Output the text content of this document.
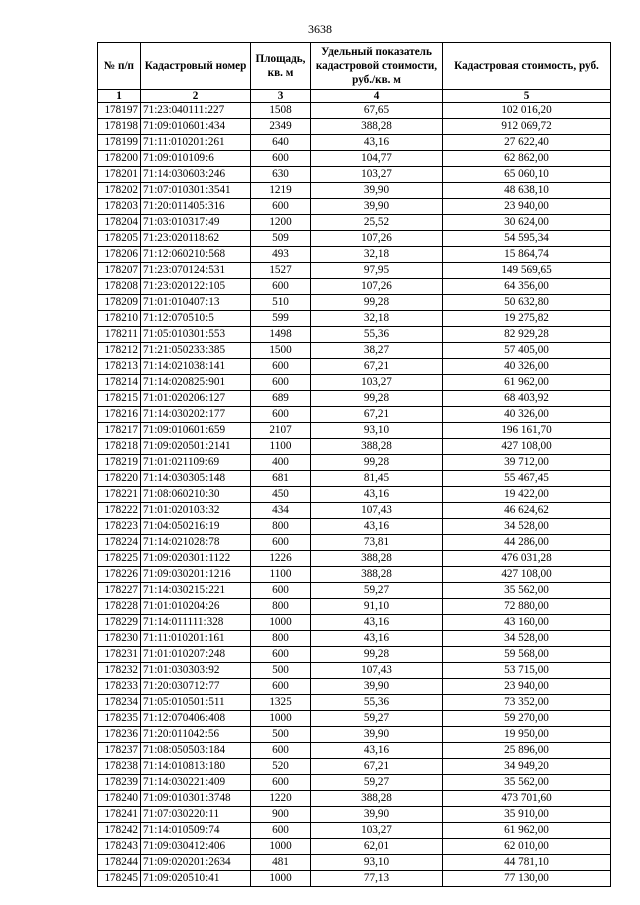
3638
№ п/п	Кадастровый номер	Площадь, кв. м	Удельный показатель кадастровой стоимости, руб./кв. м	Кадастровая стоимость, руб.
1	2	3	4	5
178197	71:23:040111:227	1508	67,65	102 016,20
178198	71:09:010601:434	2349	388,28	912 069,72
178199	71:11:010201:261	640	43,16	27 622,40
178200	71:09:010109:6	600	104,77	62 862,00
178201	71:14:030603:246	630	103,27	65 060,10
178202	71:07:010301:3541	1219	39,90	48 638,10
178203	71:20:011405:316	600	39,90	23 940,00
178204	71:03:010317:49	1200	25,52	30 624,00
178205	71:23:020118:62	509	107,26	54 595,34
178206	71:12:060210:568	493	32,18	15 864,74
178207	71:23:070124:531	1527	97,95	149 569,65
178208	71:23:020122:105	600	107,26	64 356,00
178209	71:01:010407:13	510	99,28	50 632,80
178210	71:12:070510:5	599	32,18	19 275,82
178211	71:05:010301:553	1498	55,36	82 929,28
178212	71:21:050233:385	1500	38,27	57 405,00
178213	71:14:021038:141	600	67,21	40 326,00
178214	71:14:020825:901	600	103,27	61 962,00
178215	71:01:020206:127	689	99,28	68 403,92
178216	71:14:030202:177	600	67,21	40 326,00
178217	71:09:010601:659	2107	93,10	196 161,70
178218	71:09:020501:2141	1100	388,28	427 108,00
178219	71:01:021109:69	400	99,28	39 712,00
178220	71:14:030305:148	681	81,45	55 467,45
178221	71:08:060210:30	450	43,16	19 422,00
178222	71:01:020103:32	434	107,43	46 624,62
178223	71:04:050216:19	800	43,16	34 528,00
178224	71:14:021028:78	600	73,81	44 286,00
178225	71:09:020301:1122	1226	388,28	476 031,28
178226	71:09:030201:1216	1100	388,28	427 108,00
178227	71:14:030215:221	600	59,27	35 562,00
178228	71:01:010204:26	800	91,10	72 880,00
178229	71:14:011111:328	1000	43,16	43 160,00
178230	71:11:010201:161	800	43,16	34 528,00
178231	71:01:010207:248	600	99,28	59 568,00
178232	71:01:030303:92	500	107,43	53 715,00
178233	71:20:030712:77	600	39,90	23 940,00
178234	71:05:010501:511	1325	55,36	73 352,00
178235	71:12:070406:408	1000	59,27	59 270,00
178236	71:20:011042:56	500	39,90	19 950,00
178237	71:08:050503:184	600	43,16	25 896,00
178238	71:14:010813:180	520	67,21	34 949,20
178239	71:14:030221:409	600	59,27	35 562,00
178240	71:09:010301:3748	1220	388,28	473 701,60
178241	71:07:030220:11	900	39,90	35 910,00
178242	71:14:010509:74	600	103,27	61 962,00
178243	71:09:030412:406	1000	62,01	62 010,00
178244	71:09:020201:2634	481	93,10	44 781,10
178245	71:09:020510:41	1000	77,13	77 130,00
